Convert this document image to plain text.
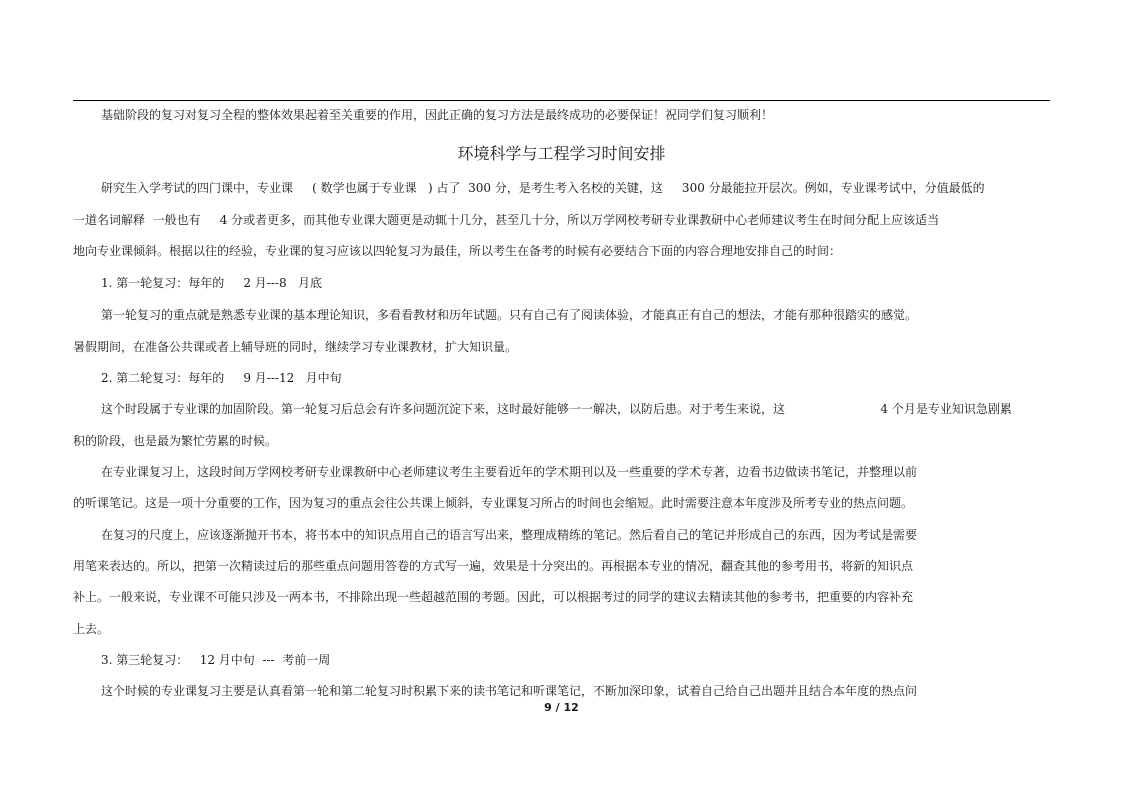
基础阶段的复习对复习全程的整体效果起着至关重要的作用，因此正确的复习方法是最终成功的必要保证！祝同学们复习顺利！
环境科学与工程学习时间安排
研究生入学考试的四门课中，专业课     ( 数学也属于专业课   ) 占了  300 分，是考生考入名校的关键，这     300 分最能拉开层次。例如，专业课考试中，分值最低的
一道名词解释  一般也有     4 分或者更多，而其他专业课大题更是动辄十几分，甚至几十分，所以万学网校考研专业课教研中心老师建议考生在时间分配上应该适当
地向专业课倾斜。根据以往的经验，专业课的复习应该以四轮复习为最佳，所以考生在备考的时候有必要结合下面的内容合理地安排自己的时间：
1. 第一轮复习：每年的     2 月---8   月底
第一轮复习的重点就是熟悉专业课的基本理论知识，多看看教材和历年试题。只有自己有了阅读体验，才能真正有自己的想法，才能有那种很踏实的感觉。
暑假期间，在准备公共课或者上辅导班的同时，继续学习专业课教材，扩大知识量。
2. 第二轮复习：每年的     9 月---12   月中旬
这个时段属于专业课的加固阶段。第一轮复习后总会有许多问题沉淀下来，这时最好能够一一解决，以防后患。对于考生来说，这                         4 个月是专业知识急剧累
积的阶段，也是最为繁忙劳累的时候。
在专业课复习上，这段时间万学网校考研专业课教研中心老师建议考生主要看近年的学术期刊以及一些重要的学术专著，边看书边做读书笔记，并整理以前
的听课笔记。这是一项十分重要的工作，因为复习的重点会往公共课上倾斜，专业课复习所占的时间也会缩短。此时需要注意本年度涉及所考专业的热点问题。
在复习的尺度上，应该逐渐抛开书本，将书本中的知识点用自己的语言写出来，整理成精练的笔记。然后看自己的笔记并形成自己的东西，因为考试是需要
用笔来表达的。所以，把第一次精读过后的那些重点问题用答卷的方式写一遍，效果是十分突出的。再根据本专业的情况，翻查其他的参考用书，将新的知识点
补上。一般来说，专业课不可能只涉及一两本书，不排除出现一些超越范围的考题。因此，可以根据考过的同学的建议去精读其他的参考书，把重要的内容补充
上去。
3. 第三轮复习：   12 月中旬  ---  考前一周
这个时候的专业课复习主要是认真看第一轮和第二轮复习时积累下来的读书笔记和听课笔记，不断加深印象，试着自己给自己出题并且结合本年度的热点问
9 / 12
